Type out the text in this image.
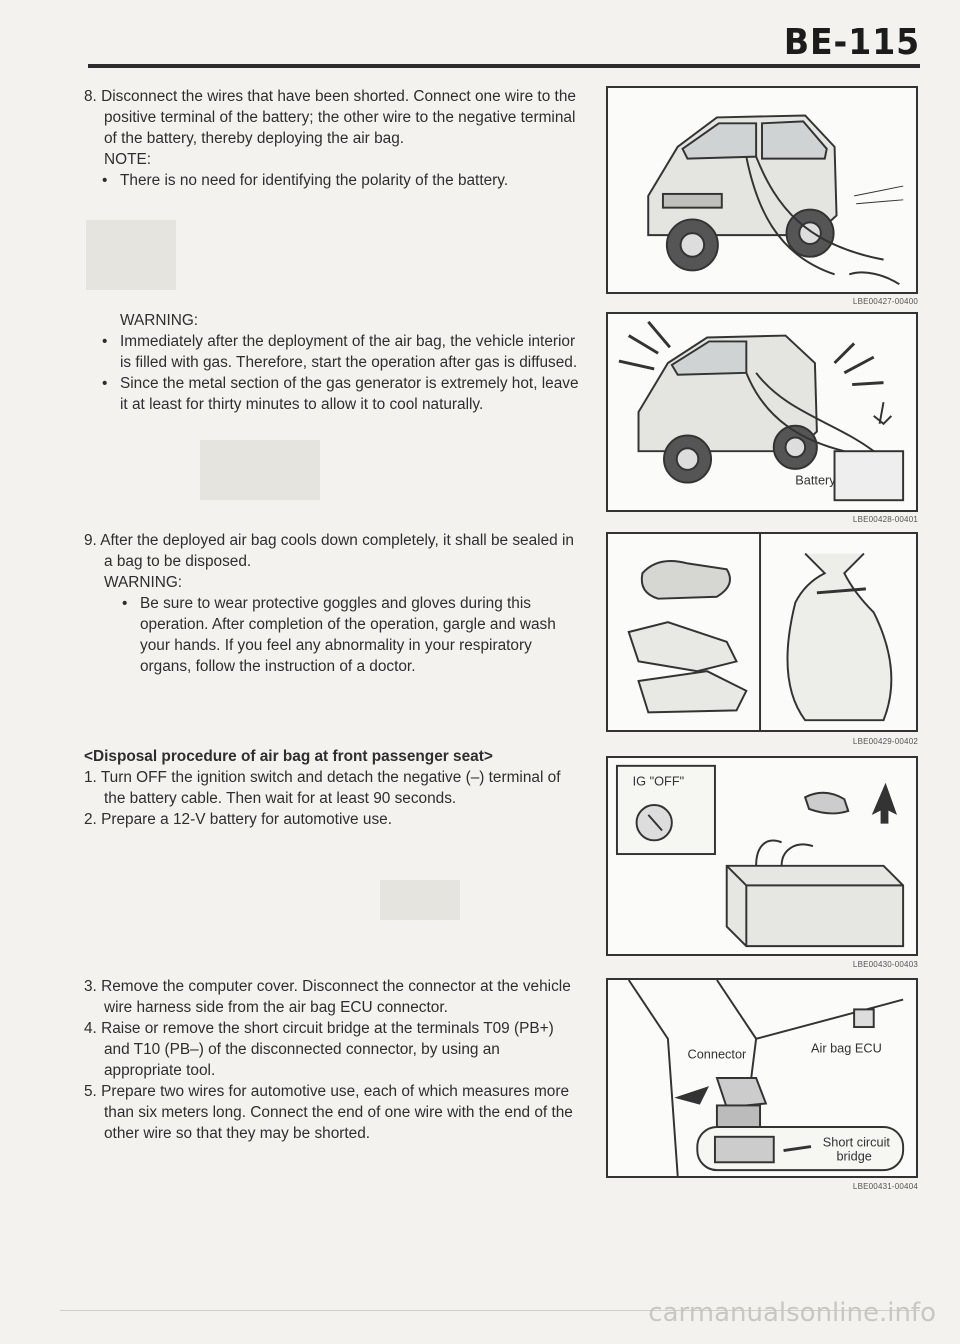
BE-115

8. Disconnect the wires that have been shorted. Connect one wire to the positive terminal of the battery; the other wire to the negative terminal of the battery, thereby deploying the air bag.

NOTE:

• There is no need for identifying the polarity of the battery.

WARNING:

• Immediately after the deployment of the air bag, the vehicle interior is filled with gas. Therefore, start the operation after gas is diffused.

• Since the metal section of the gas generator is extremely hot, leave it at least for thirty minutes to allow it to cool naturally.

9. After the deployed air bag cools down completely, it shall be sealed in a bag to be disposed.

WARNING:

• Be sure to wear protective goggles and gloves during this operation. After completion of the operation, gargle and wash your hands. If you feel any abnormality in your respiratory organs, follow the instruction of a doctor.

<Disposal procedure of air bag at front passenger seat>

1. Turn OFF the ignition switch and detach the negative (–) terminal of the battery cable. Then wait for at least 90 seconds.

2. Prepare a 12-V battery for automotive use.

3. Remove the computer cover. Disconnect the connector at the vehicle wire harness side from the air bag ECU connector.

4. Raise or remove the short circuit bridge at the terminals T09 (PB+) and T10 (PB–) of the disconnected connector, by using an appropriate tool.

5. Prepare two wires for automotive use, each of which measures more than six meters long. Connect the end of one wire with the end of the other wire so that they may be shorted.

LBE00427-00400
Battery
LBE00428-00401
LBE00429-00402
IG "OFF"
LBE00430-00403
Connector	Air bag ECU
Short circuit
bridge
LBE00431-00404
carmanualsonline.info
